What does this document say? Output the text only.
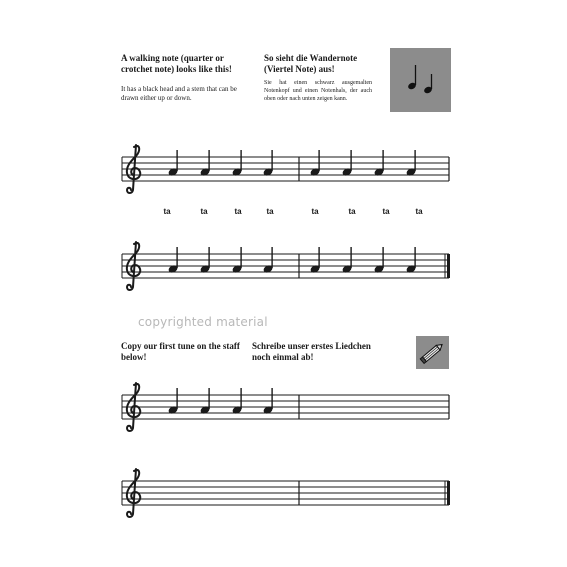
A walking note (quarter or crotchet note) looks like this!
It has a black head and a stem that can be drawn either up or down.
So sieht die Wandernote (Viertel Note) aus!
Sie hat einen schwarz ausgemalten Notenkopf und einen Notenhals, der auch oben oder nach unten zeigen kann.
ta	ta	ta	ta	ta	ta	ta	ta
copyrighted material
Copy our first tune on the staff below!
Schreibe unser erstes Liedchen noch einmal ab!
